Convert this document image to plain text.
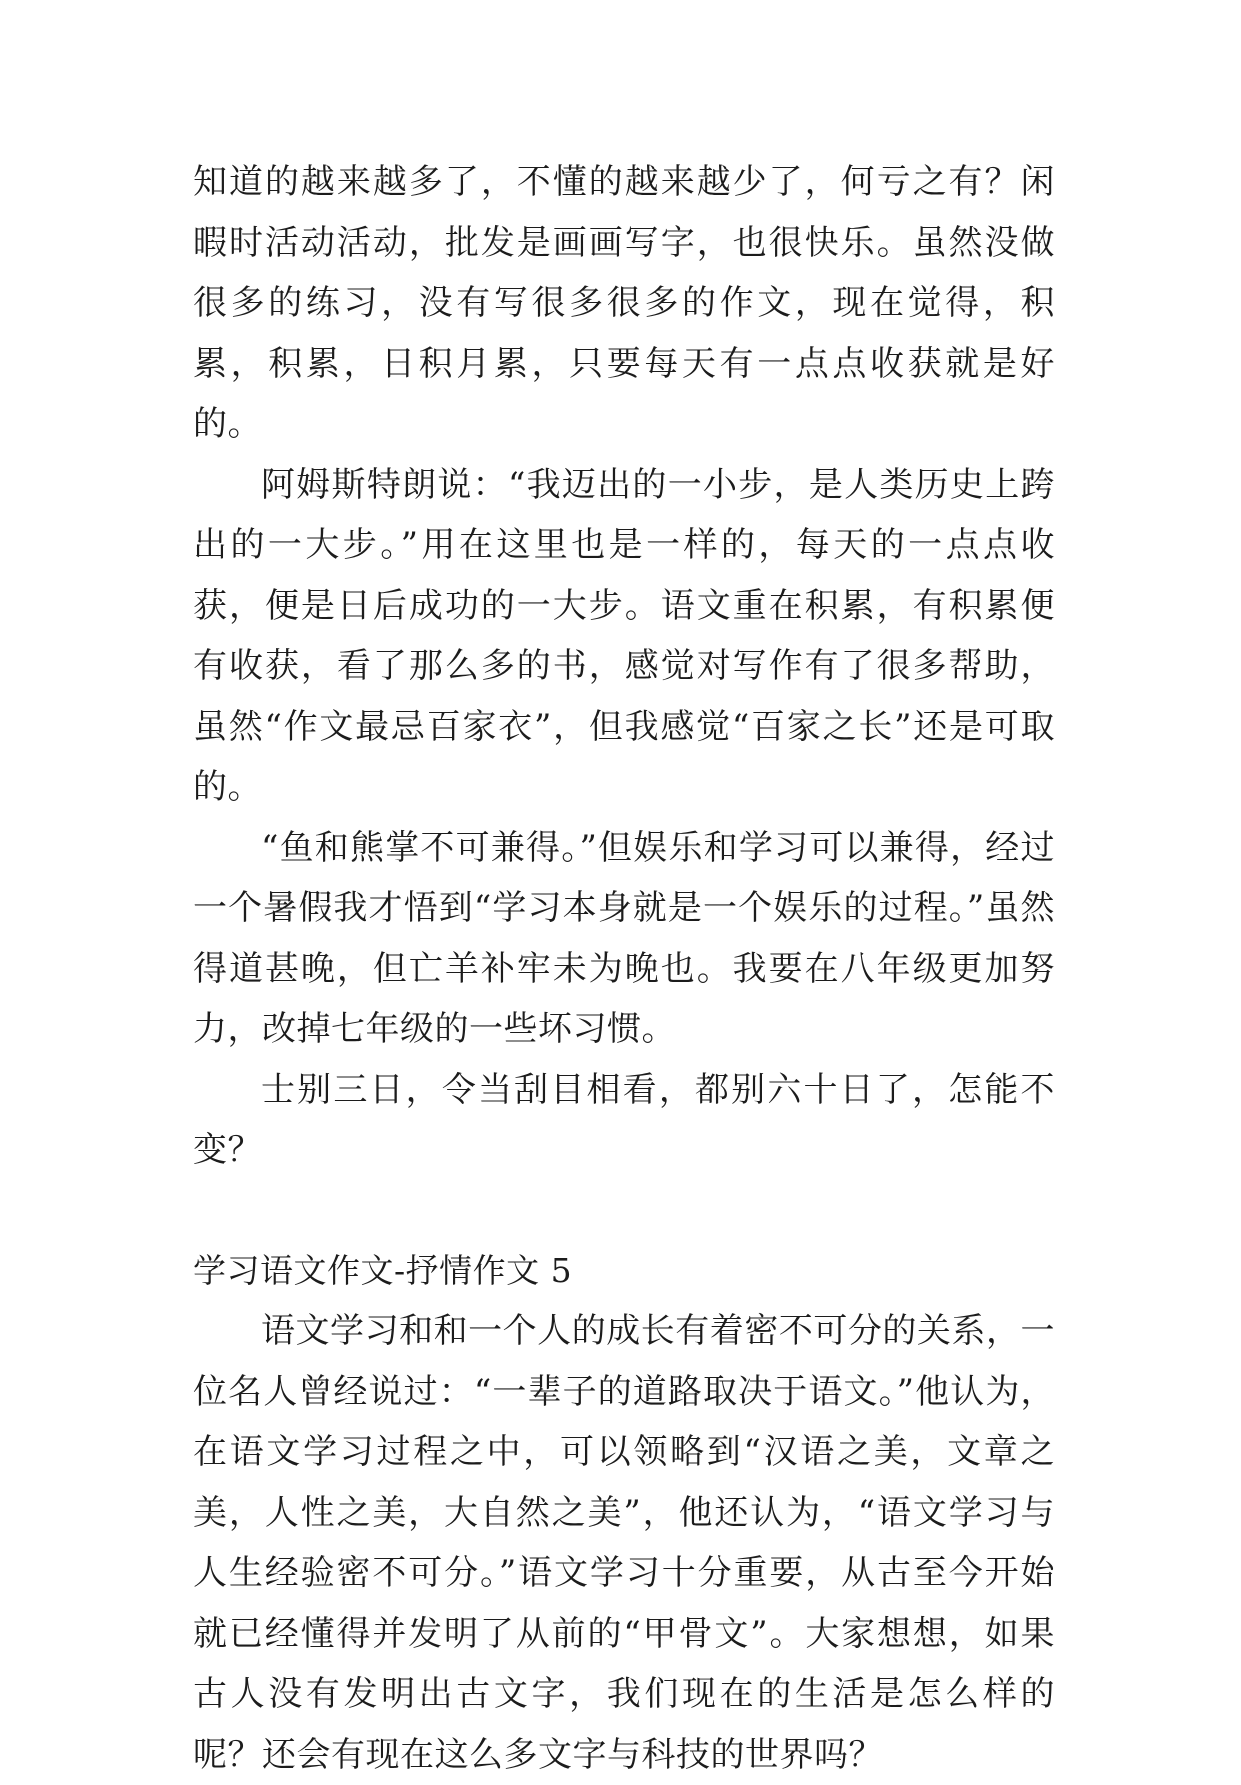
知道的越来越多了，不懂的越来越少了，何亏之有？闲暇时活动活动，批发是画画写字，也很快乐。虽然没做很多的练习，没有写很多很多的作文，现在觉得，积累，积累，日积月累，只要每天有一点点收获就是好的。

阿姆斯特朗说：“我迈出的一小步，是人类历史上跨出的一大步。”用在这里也是一样的，每天的一点点收获，便是日后成功的一大步。语文重在积累，有积累便有收获，看了那么多的书，感觉对写作有了很多帮助，虽然“作文最忌百家衣”，但我感觉“百家之长”还是可取的。

“鱼和熊掌不可兼得。”但娱乐和学习可以兼得，经过一个暑假我才悟到“学习本身就是一个娱乐的过程。”虽然得道甚晚，但亡羊补牢未为晚也。我要在八年级更加努力，改掉七年级的一些坏习惯。

士别三日，令当刮目相看，都别六十日了，怎能不变？

学习语文作文-抒情作文 5

语文学习和和一个人的成长有着密不可分的关系，一位名人曾经说过：“一辈子的道路取决于语文。”他认为，在语文学习过程之中，可以领略到“汉语之美，文章之美，人性之美，大自然之美”，他还认为，“语文学习与人生经验密不可分。”语文学习十分重要，从古至今开始就已经懂得并发明了从前的“甲骨文”。大家想想，如果古人没有发明出古文字，我们现在的生活是怎么样的呢？还会有现在这么多文字与科技的世界吗？
